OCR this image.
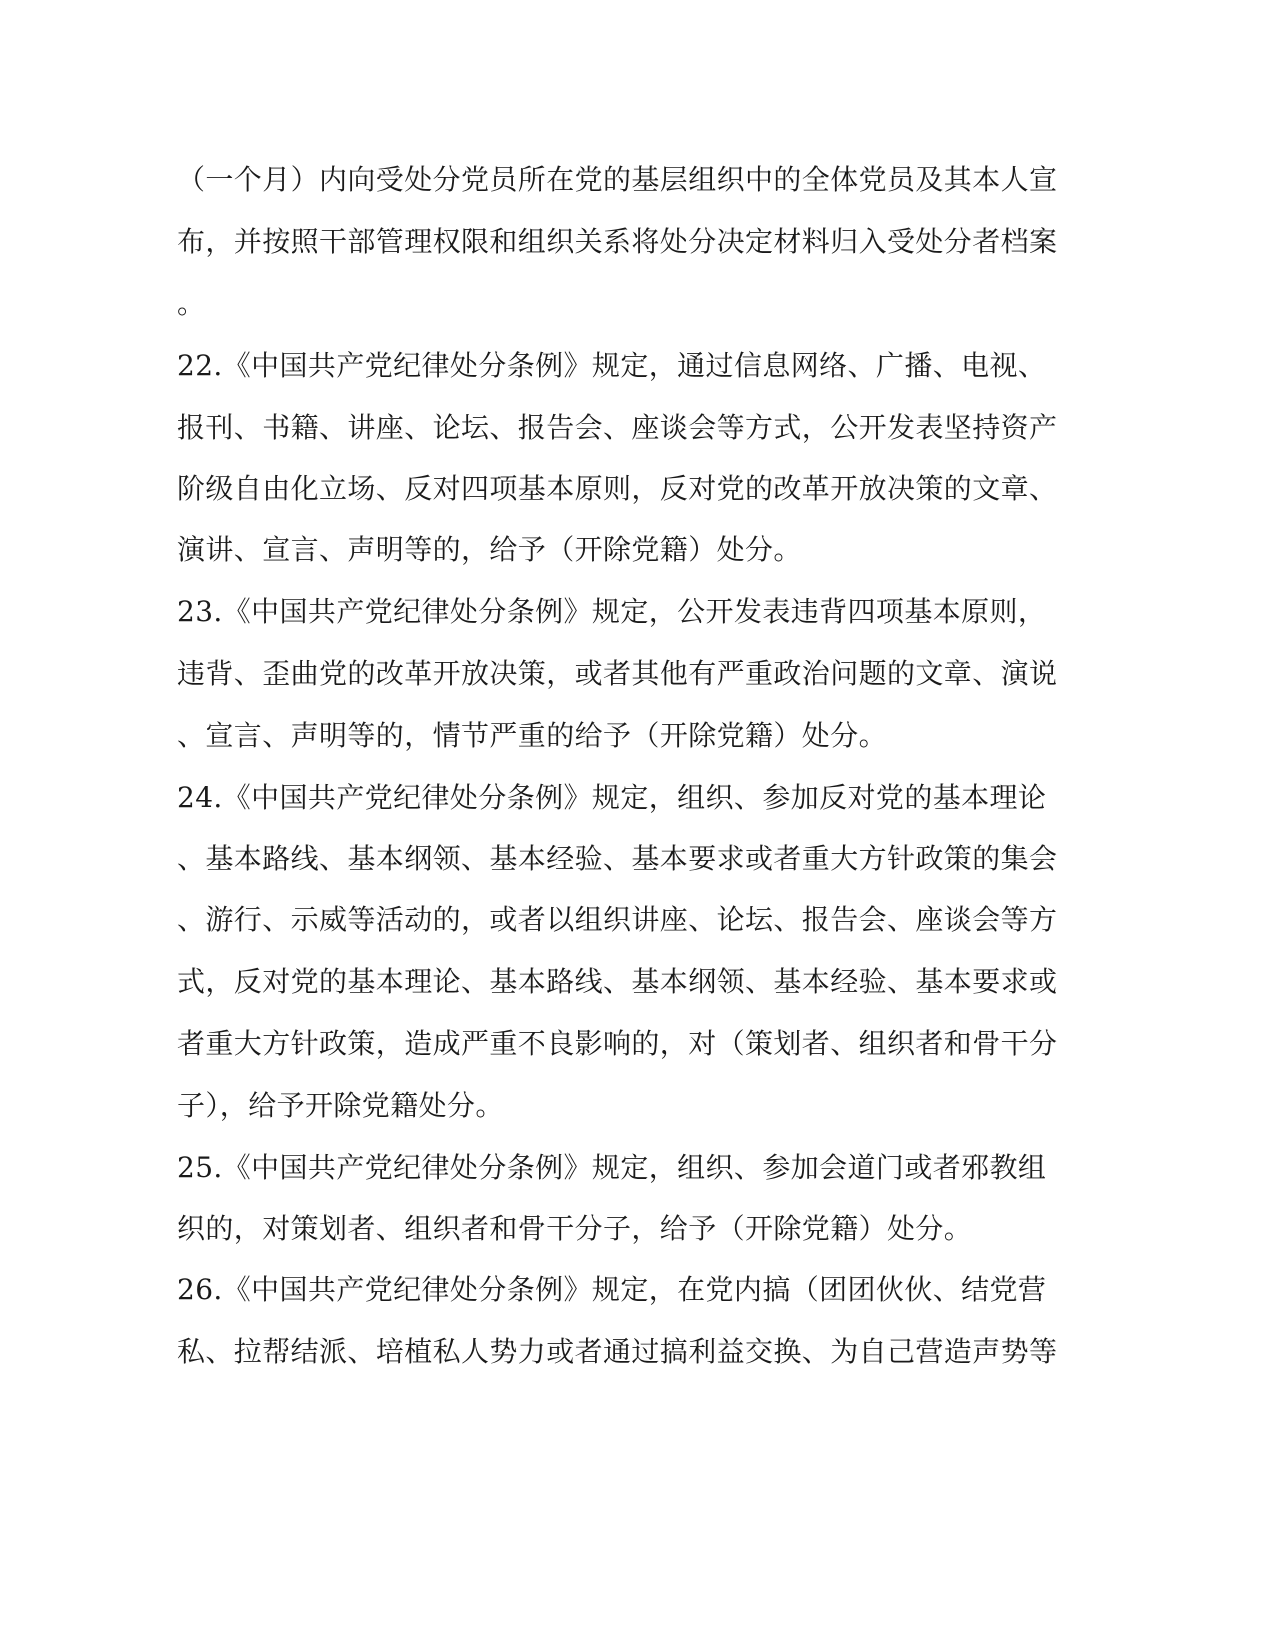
（一个月）内向受处分党员所在党的基层组织中的全体党员及其本人宣
布，并按照干部管理权限和组织关系将处分决定材料归入受处分者档案
。
22.《中国共产党纪律处分条例》规定，通过信息网络、广播、电视、
报刊、书籍、讲座、论坛、报告会、座谈会等方式，公开发表坚持资产
阶级自由化立场、反对四项基本原则，反对党的改革开放决策的文章、
演讲、宣言、声明等的，给予（开除党籍）处分。
23.《中国共产党纪律处分条例》规定，公开发表违背四项基本原则，
违背、歪曲党的改革开放决策，或者其他有严重政治问题的文章、演说
、宣言、声明等的，情节严重的给予（开除党籍）处分。
24.《中国共产党纪律处分条例》规定，组织、参加反对党的基本理论
、基本路线、基本纲领、基本经验、基本要求或者重大方针政策的集会
、游行、示威等活动的，或者以组织讲座、论坛、报告会、座谈会等方
式，反对党的基本理论、基本路线、基本纲领、基本经验、基本要求或
者重大方针政策，造成严重不良影响的，对（策划者、组织者和骨干分
子），给予开除党籍处分。
25.《中国共产党纪律处分条例》规定，组织、参加会道门或者邪教组
织的，对策划者、组织者和骨干分子，给予（开除党籍）处分。
26.《中国共产党纪律处分条例》规定，在党内搞（团团伙伙、结党营
私、拉帮结派、培植私人势力或者通过搞利益交换、为自己营造声势等
